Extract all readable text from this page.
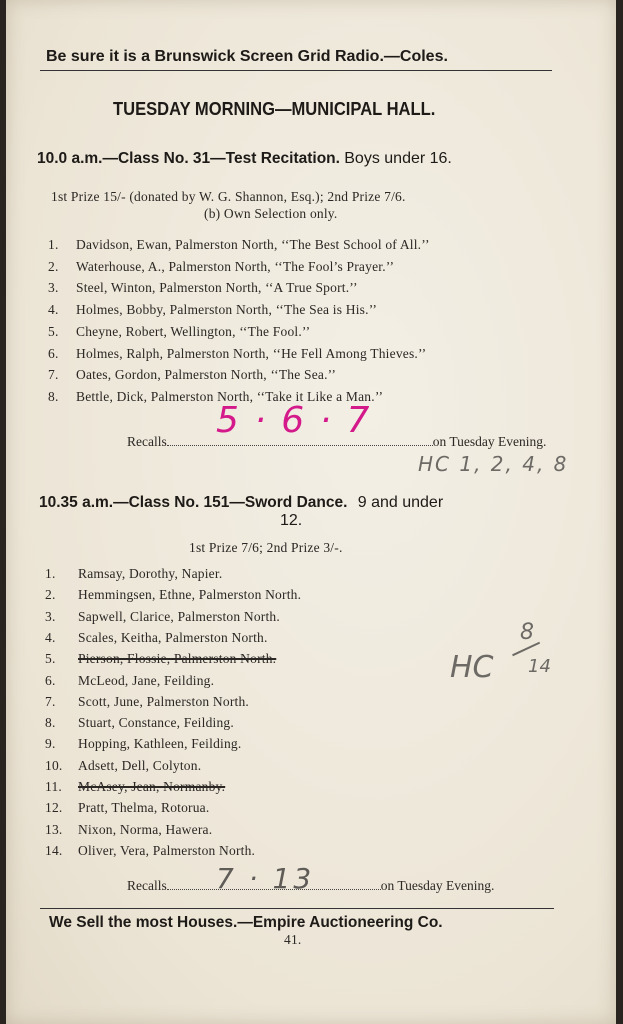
Be sure it is a Brunswick Screen Grid Radio.—Coles.
TUESDAY MORNING—MUNICIPAL HALL.
10.0 a.m.—Class No. 31—Test Recitation. Boys under 16.
1st Prize 15/- (donated by W. G. Shannon, Esq.); 2nd Prize 7/6.
(b) Own Selection only.
1. Davidson, Ewan, Palmerston North, ‘‘The Best School of All.’’
2. Waterhouse, A., Palmerston North, ‘‘The Fool’s Prayer.’’
3. Steel, Winton, Palmerston North, ‘‘A True Sport.’’
4. Holmes, Bobby, Palmerston North, ‘‘The Sea is His.’’
5. Cheyne, Robert, Wellington, ‘‘The Fool.’’
6. Holmes, Ralph, Palmerston North, ‘‘He Fell Among Thieves.’’
7. Oates, Gordon, Palmerston North, ‘‘The Sea.’’
8. Bettle, Dick, Palmerston North, ‘‘Take it Like a Man.’’
Recalls	on Tuesday Evening.
5 · 6 · 7
HC 1, 2, 4, 8
10.35 a.m.—Class No. 151—Sword Dance. 9 and under
12.
1st Prize 7/6; 2nd Prize 3/-.
1. Ramsay, Dorothy, Napier.
2. Hemmingsen, Ethne, Palmerston North.
3. Sapwell, Clarice, Palmerston North.
4. Scales, Keitha, Palmerston North.
5. Pierson, Flossie, Palmerston North.
6. McLeod, Jane, Feilding.
7. Scott, June, Palmerston North.
8. Stuart, Constance, Feilding.
9. Hopping, Kathleen, Feilding.
10. Adsett, Dell, Colyton.
11. McAsey, Jean, Normanby.
12. Pratt, Thelma, Rotorua.
13. Nixon, Norma, Hawera.
14. Oliver, Vera, Palmerston North.
Recalls	on Tuesday Evening.
7 · 13
HC
8
14
We Sell the most Houses.—Empire Auctioneering Co.
41.
